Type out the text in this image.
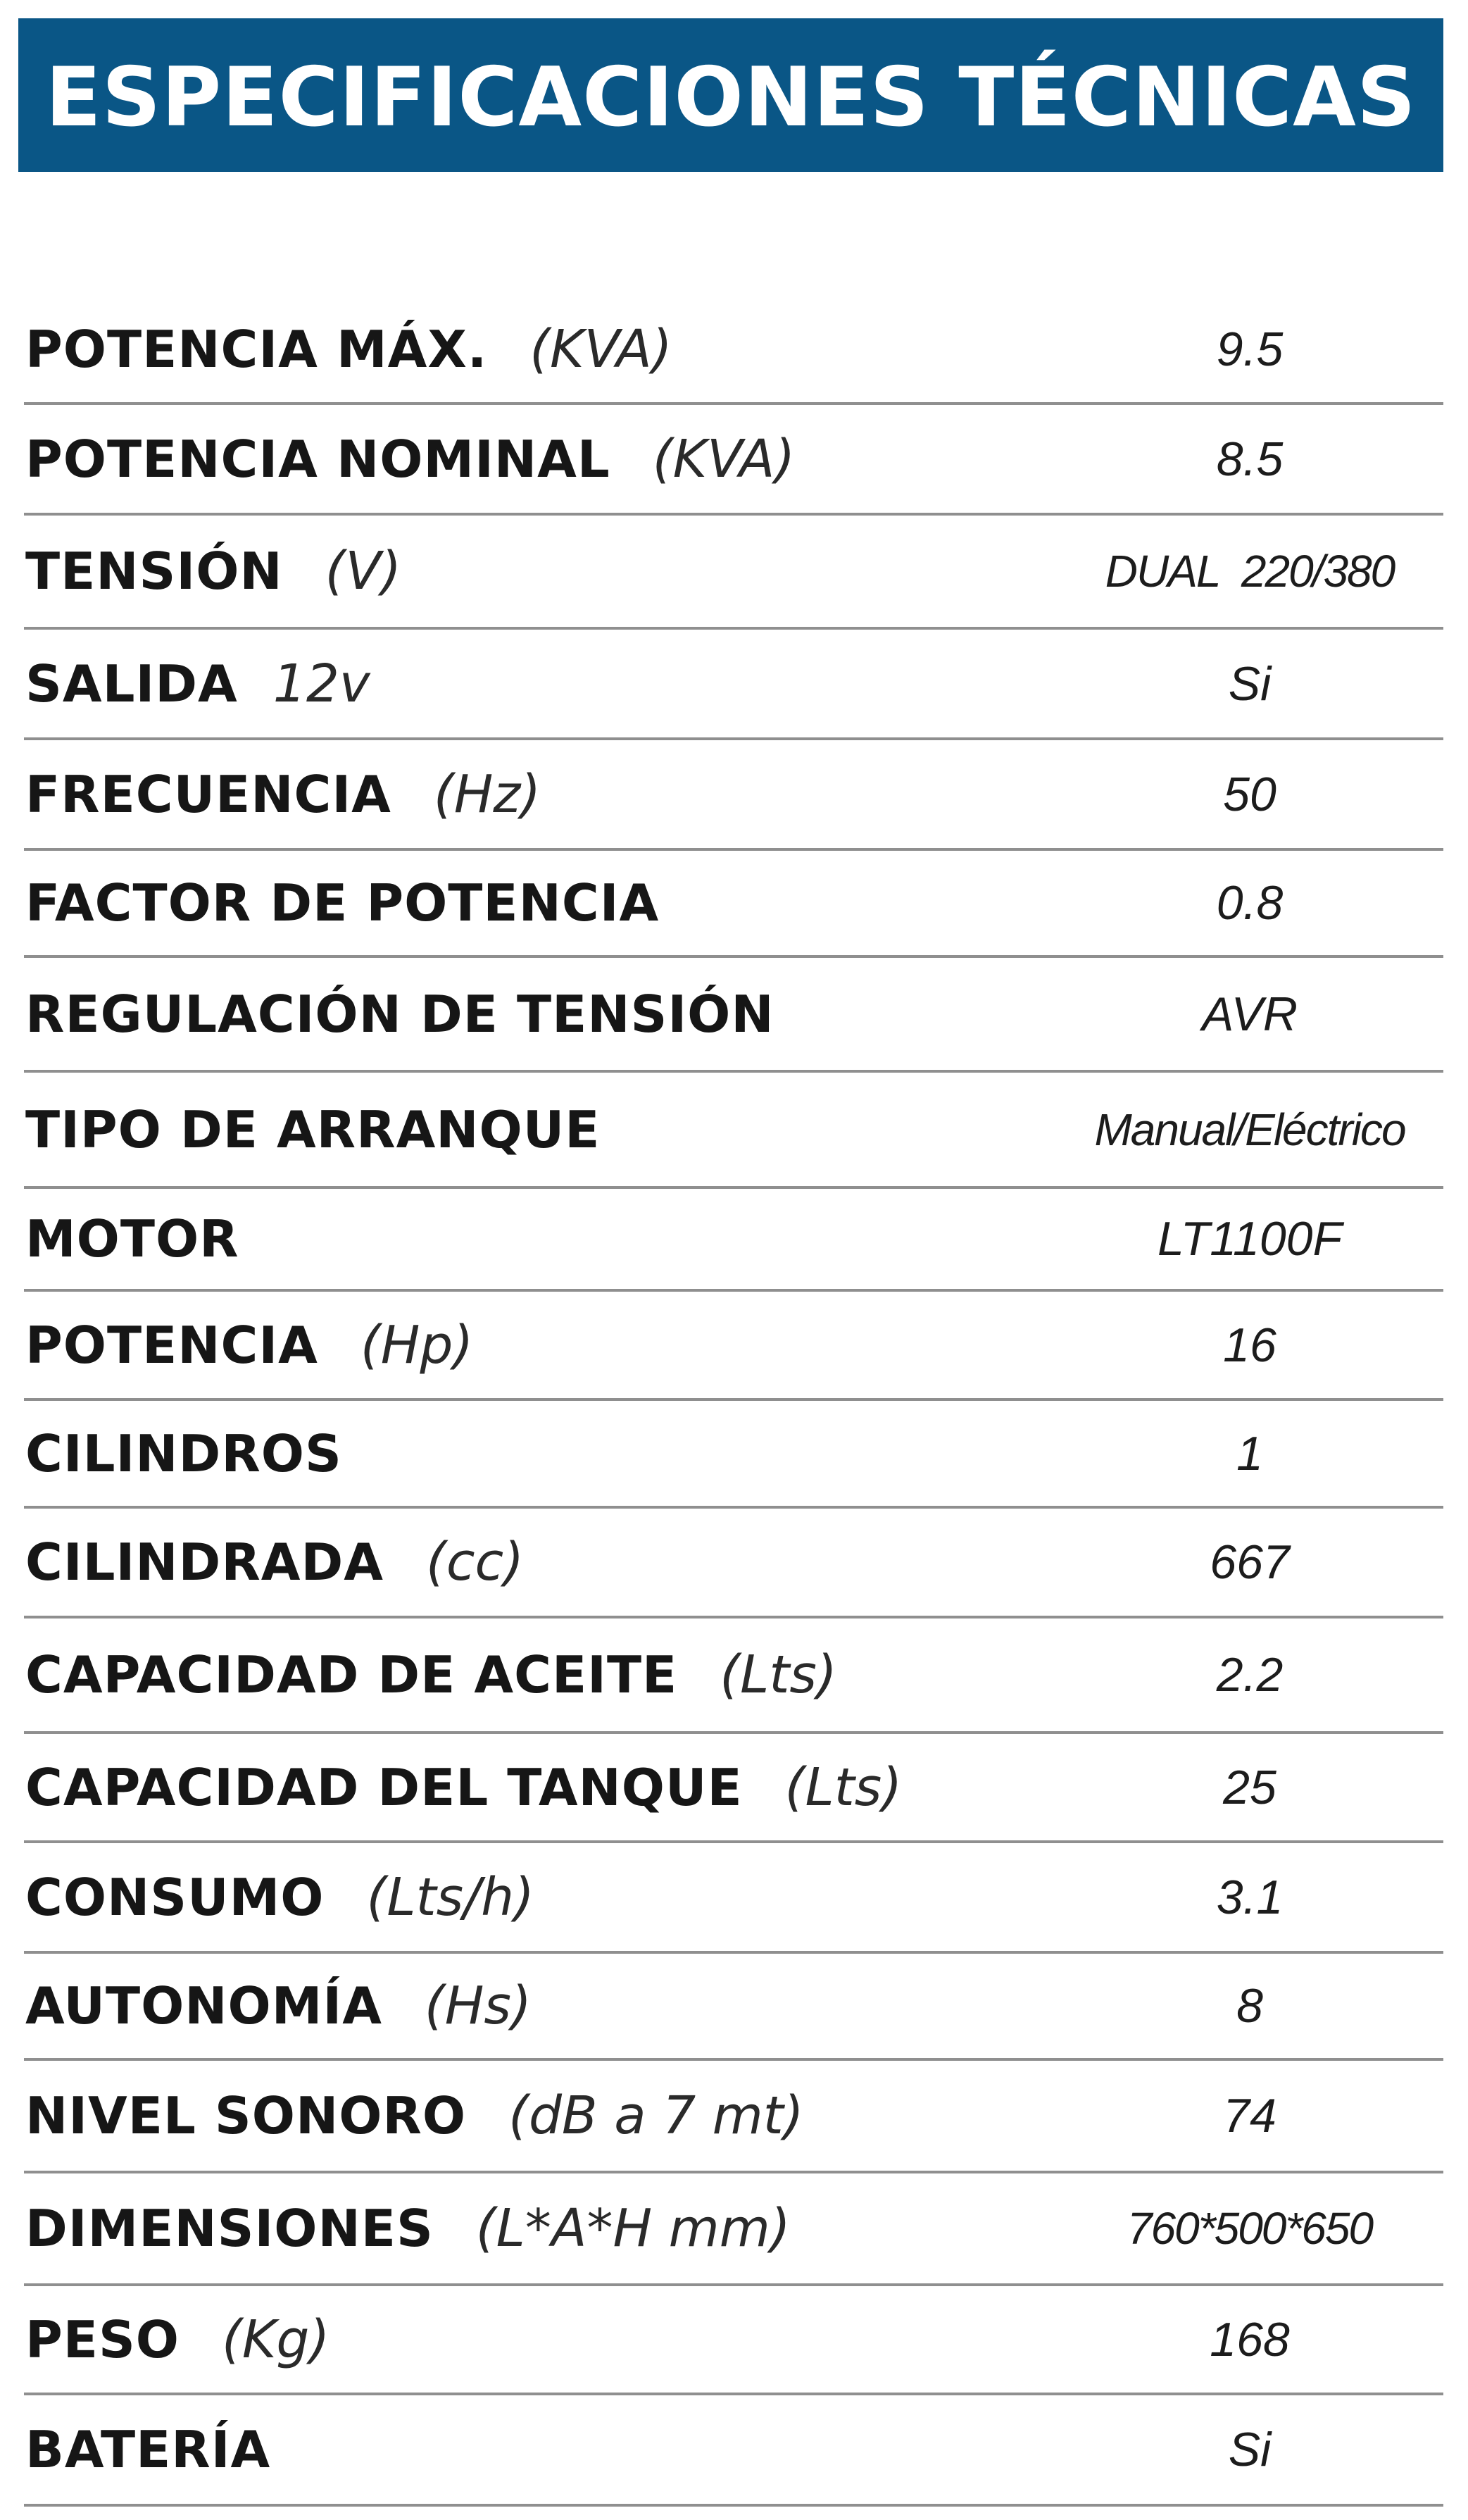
ESPECIFICACIONES TÉCNICAS
POTENCIA MÁX. (KVA)	9.5
POTENCIA NOMINAL (KVA)	8.5
TENSIÓN (V)	DUAL  220/380
SALIDA 12v	Si
FRECUENCIA (Hz)	50
FACTOR DE POTENCIA	0.8
REGULACIÓN DE TENSIÓN	AVR
TIPO DE ARRANQUE	Manual/Eléctrico
MOTOR	LT1100F
POTENCIA (Hp)	16
CILINDROS	1
CILINDRADA (cc)	667
CAPACIDAD DE ACEITE (Lts)	2.2
CAPACIDAD DEL TANQUE (Lts)	25
CONSUMO (Lts/h)	3.1
AUTONOMÍA (Hs)	8
NIVEL SONORO (dB a 7 mt)	74
DIMENSIONES (L*A*H mm)	760*500*650
PESO (Kg)	168
BATERÍA	Si
